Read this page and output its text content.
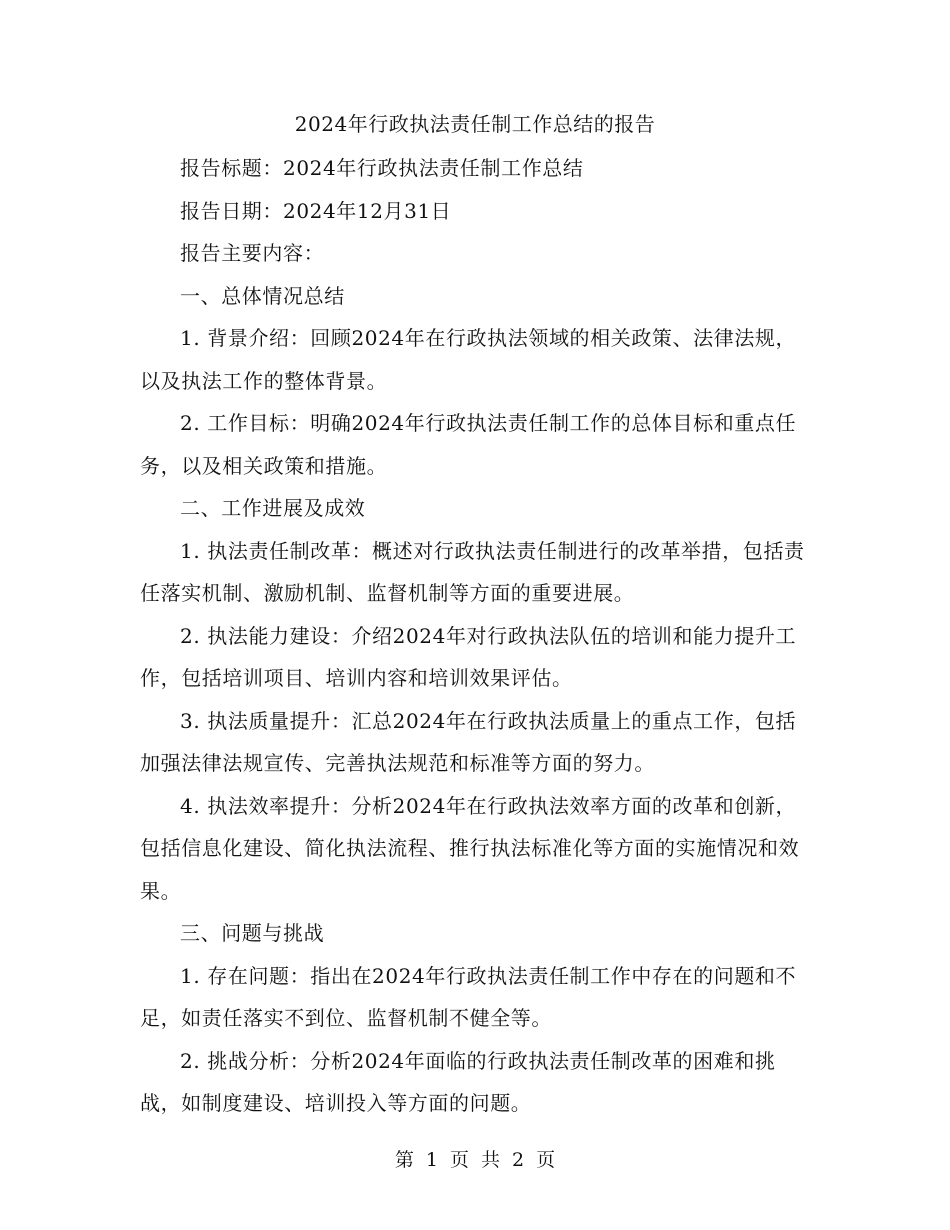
2024年行政执法责任制工作总结的报告

报告标题：2024年行政执法责任制工作总结

报告日期：2024年12月31日

报告主要内容：

一、总体情况总结

1. 背景介绍：回顾2024年在行政执法领域的相关政策、法律法规，以及执法工作的整体背景。

2. 工作目标：明确2024年行政执法责任制工作的总体目标和重点任务，以及相关政策和措施。

二、工作进展及成效

1. 执法责任制改革：概述对行政执法责任制进行的改革举措，包括责任落实机制、激励机制、监督机制等方面的重要进展。

2. 执法能力建设：介绍2024年对行政执法队伍的培训和能力提升工作，包括培训项目、培训内容和培训效果评估。

3. 执法质量提升：汇总2024年在行政执法质量上的重点工作，包括加强法律法规宣传、完善执法规范和标准等方面的努力。

4. 执法效率提升：分析2024年在行政执法效率方面的改革和创新，包括信息化建设、简化执法流程、推行执法标准化等方面的实施情况和效果。

三、问题与挑战

1. 存在问题：指出在2024年行政执法责任制工作中存在的问题和不足，如责任落实不到位、监督机制不健全等。

2. 挑战分析：分析2024年面临的行政执法责任制改革的困难和挑战，如制度建设、培训投入等方面的问题。

第 1 页 共 2 页
